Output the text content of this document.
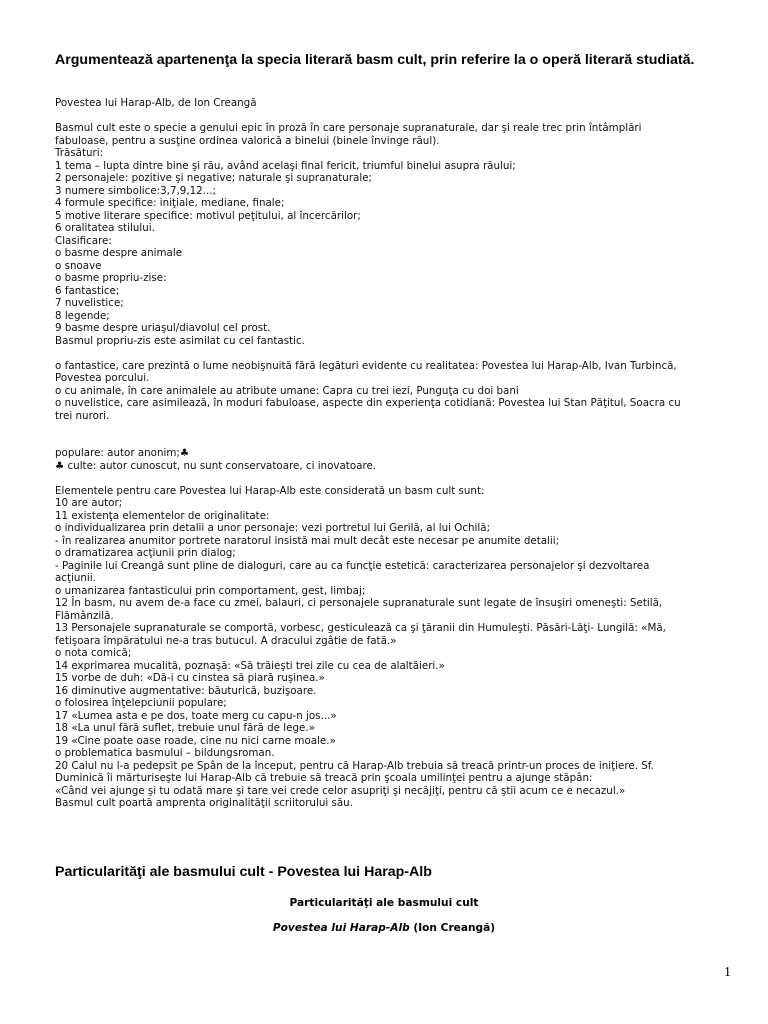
Argumentează apartenenţa la specia literară basm cult, prin referire la o operă literară studiată.
Povestea lui Harap-Alb, de Ion Creangă
Basmul cult este o specie a genului epic în proză în care personaje supranaturale, dar şi reale trec prin întâmplări
fabuloase, pentru a susţine ordinea valorică a binelui (binele învinge răul).
Trăsături:
1 tema – lupta dintre bine şi rău, având acelaşi final fericit, triumful binelui asupra răului;
2 personajele: pozitive şi negative; naturale şi supranaturale;
3 numere simbolice:3,7,9,12...;
4 formule specifice: iniţiale, mediane, finale;
5 motive literare specifice: motivul peţitului, al încercărilor;
6 oralitatea stilului.
Clasificare:
o basme despre animale
o snoave
o basme propriu-zise:
6 fantastice;
7 nuvelistice;
8 legende;
9 basme despre uriaşul/diavolul cel prost.
Basmul propriu-zis este asimilat cu cel fantastic.
o fantastice, care prezintă o lume neobişnuită fără legături evidente cu realitatea: Povestea lui Harap-Alb, Ivan Turbincă,
Povestea porcului.
o cu animale, în care animalele au atribute umane: Capra cu trei iezi, Punguţa cu doi bani
o nuvelistice, care asimilează, în moduri fabuloase, aspecte din experienţa cotidiană: Povestea lui Stan Păţitul, Soacra cu
trei nurori.
populare: autor anonim;♣
♣ culte: autor cunoscut, nu sunt conservatoare, ci inovatoare.
Elementele pentru care Povestea lui Harap-Alb este considerată un basm cult sunt:
10 are autor;
11 existenţa elementelor de originalitate:
o individualizarea prin detalii a unor personaje: vezi portretul lui Gerilă, al lui Ochilă;
- în realizarea anumitor portrete naratorul insistă mai mult decât este necesar pe anumite detalii;
o dramatizarea acţiunii prin dialog;
- Paginile lui Creangă sunt pline de dialoguri, care au ca funcţie estetică: caracterizarea personajelor şi dezvoltarea
acţiunii.
o umanizarea fantasticului prin comportament, gest, limbaj;
12 În basm, nu avem de-a face cu zmei, balauri, ci personajele supranaturale sunt legate de însuşiri omeneşti: Setilă,
Flămânzilă.
13 Personajele supranaturale se comportă, vorbesc, gesticulează ca şi ţăranii din Humuleşti. Păsări-Lăţi- Lungilă: «Mă,
fetişoara împăratului ne-a tras butucul. A dracului zgâtie de fată.»
o nota comică;
14 exprimarea mucalită, poznaşă: «Să trăieşti trei zile cu cea de alaltăieri.»
15 vorbe de duh: «Dă-i cu cinstea să piară ruşinea.»
16 diminutive augmentative: băuturică, buzişoare.
o folosirea înţelepciunii populare;
17 «Lumea asta e pe dos, toate merg cu capu-n jos...»
18 «La unul fără suflet, trebuie unul fără de lege.»
19 «Cine poate oase roade, cine nu nici carne moale.»
o problematica basmului – bildungsroman.
20 Calul nu l-a pedepsit pe Spân de la început, pentru că Harap-Alb trebuia să treacă printr-un proces de iniţiere. Sf.
Duminică îi mărturiseşte lui Harap-Alb că trebuie să treacă prin şcoala umilinţei pentru a ajunge stăpân:
«Când vei ajunge şi tu odată mare şi tare vei crede celor asupriţi şi necăjiţi, pentru că ştii acum ce e necazul.»
Basmul cult poartă amprenta originalităţii scriitorului său.
Particularităţi ale basmului cult - Povestea lui Harap-Alb

Particularităţi ale basmului cult

Povestea lui Harap-Alb (Ion Creangă)

1
